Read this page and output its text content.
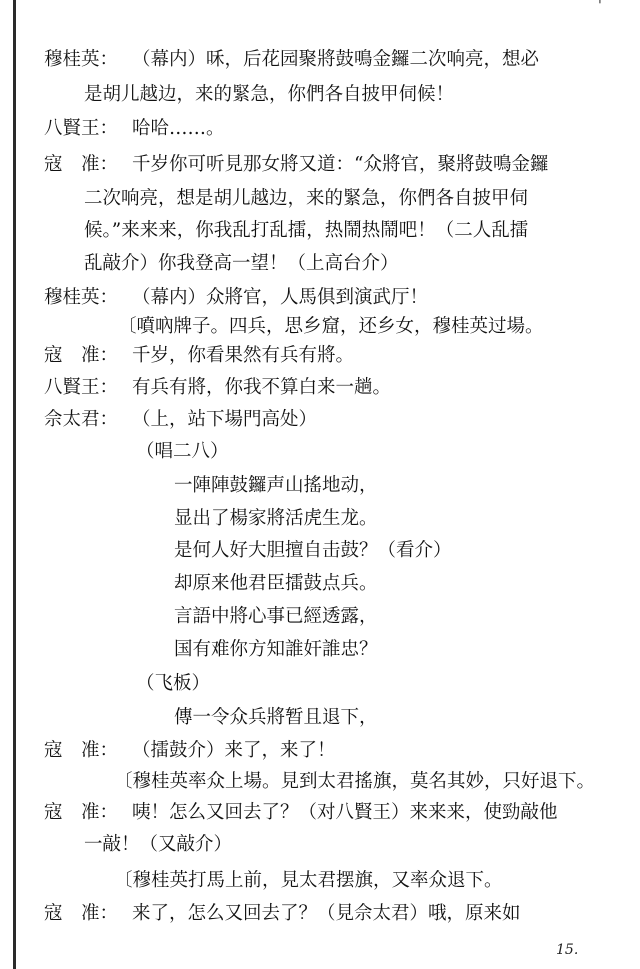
'
穆桂英： （幕内）咊，后花园聚將鼓鳴金鑼二次响亮，想必
是胡儿越边，来的緊急，你們各自披甲伺候！
八賢王： 哈哈……。
寇　准： 千岁你可听見那女將又道：“众將官，聚將鼓鳴金鑼
二次响亮，想是胡儿越边，来的緊急，你們各自披甲伺
候。”来来来，你我乱打乱擂，热鬧热鬧吧！（二人乱擂
乱敲介）你我登高一望！（上高台介）
穆桂英： （幕内）众將官，人馬俱到演武厅！
〔噴吶牌子。四兵，思乡窟，还乡女，穆桂英过場。
寇　准： 千岁，你看果然有兵有將。
八賢王： 有兵有將，你我不算白来一趟。
佘太君： （上，站下場門高处）
（唱二八）
一陣陣鼓鑼声山搖地动，
显出了楊家將活虎生龙。
是何人好大胆擅自击鼓？（看介）
却原来他君臣擂鼓点兵。
言語中將心事已經透露，
国有难你方知誰奸誰忠？
（飞板）
傳一令众兵將暂且退下，
寇　准： （擂鼓介）来了，来了！
〔穆桂英率众上場。見到太君搖旗，莫名其妙，只好退下。
寇　准： 咦！怎么又回去了？（对八賢王）来来来，使勁敲他
一敲！（又敲介）
〔穆桂英打馬上前，見太君摆旗，又率众退下。
寇　准： 来了，怎么又回去了？（見佘太君）哦，原来如
15.
